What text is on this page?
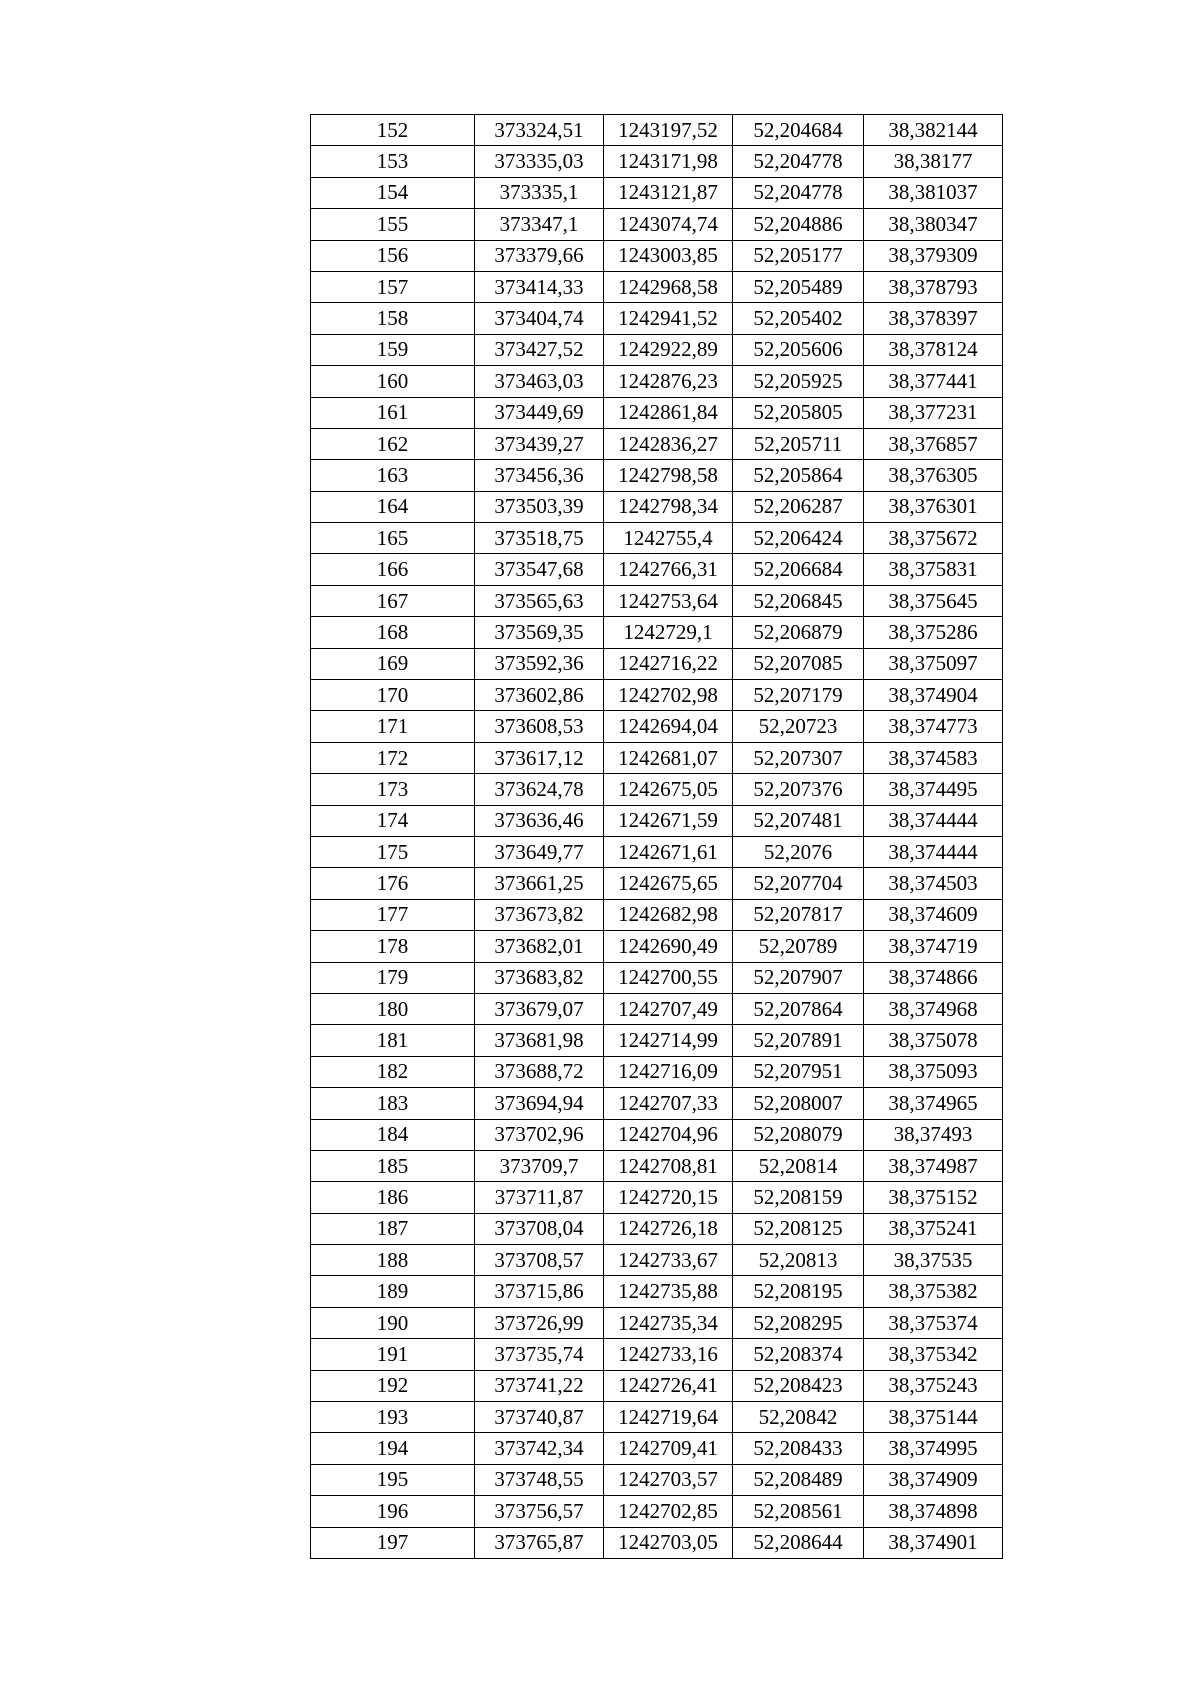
152	373324,51	1243197,52	52,204684	38,382144
153	373335,03	1243171,98	52,204778	38,38177
154	373335,1	1243121,87	52,204778	38,381037
155	373347,1	1243074,74	52,204886	38,380347
156	373379,66	1243003,85	52,205177	38,379309
157	373414,33	1242968,58	52,205489	38,378793
158	373404,74	1242941,52	52,205402	38,378397
159	373427,52	1242922,89	52,205606	38,378124
160	373463,03	1242876,23	52,205925	38,377441
161	373449,69	1242861,84	52,205805	38,377231
162	373439,27	1242836,27	52,205711	38,376857
163	373456,36	1242798,58	52,205864	38,376305
164	373503,39	1242798,34	52,206287	38,376301
165	373518,75	1242755,4	52,206424	38,375672
166	373547,68	1242766,31	52,206684	38,375831
167	373565,63	1242753,64	52,206845	38,375645
168	373569,35	1242729,1	52,206879	38,375286
169	373592,36	1242716,22	52,207085	38,375097
170	373602,86	1242702,98	52,207179	38,374904
171	373608,53	1242694,04	52,20723	38,374773
172	373617,12	1242681,07	52,207307	38,374583
173	373624,78	1242675,05	52,207376	38,374495
174	373636,46	1242671,59	52,207481	38,374444
175	373649,77	1242671,61	52,2076	38,374444
176	373661,25	1242675,65	52,207704	38,374503
177	373673,82	1242682,98	52,207817	38,374609
178	373682,01	1242690,49	52,20789	38,374719
179	373683,82	1242700,55	52,207907	38,374866
180	373679,07	1242707,49	52,207864	38,374968
181	373681,98	1242714,99	52,207891	38,375078
182	373688,72	1242716,09	52,207951	38,375093
183	373694,94	1242707,33	52,208007	38,374965
184	373702,96	1242704,96	52,208079	38,37493
185	373709,7	1242708,81	52,20814	38,374987
186	373711,87	1242720,15	52,208159	38,375152
187	373708,04	1242726,18	52,208125	38,375241
188	373708,57	1242733,67	52,20813	38,37535
189	373715,86	1242735,88	52,208195	38,375382
190	373726,99	1242735,34	52,208295	38,375374
191	373735,74	1242733,16	52,208374	38,375342
192	373741,22	1242726,41	52,208423	38,375243
193	373740,87	1242719,64	52,20842	38,375144
194	373742,34	1242709,41	52,208433	38,374995
195	373748,55	1242703,57	52,208489	38,374909
196	373756,57	1242702,85	52,208561	38,374898
197	373765,87	1242703,05	52,208644	38,374901
